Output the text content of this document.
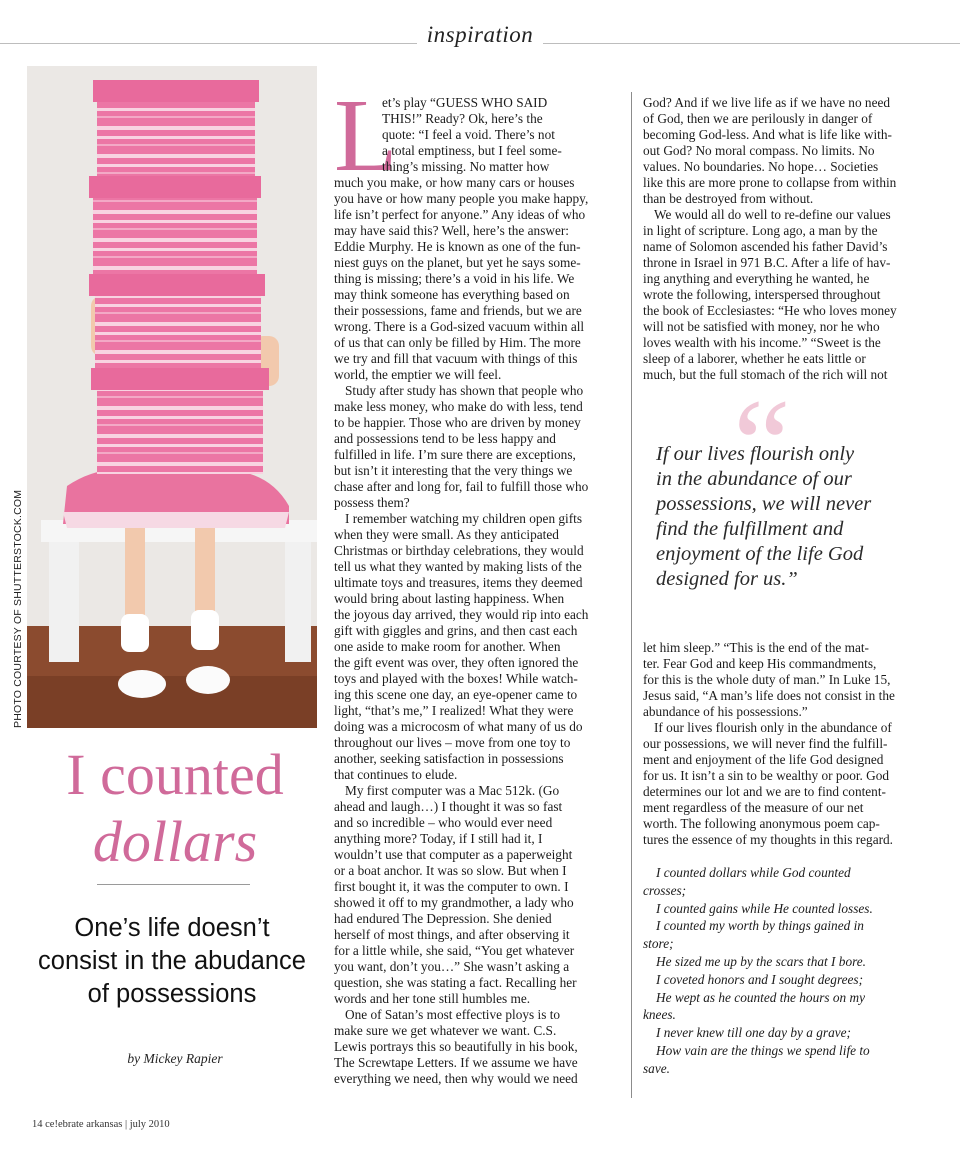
inspiration
PHOTO COURTESY OF SHUTTERSTOCK.COM
I counted
dollars
One’s life doesn’t
consist in the abudance
of possessions
by Mickey Rapier
14 ce!ebrate arkansas | july 2010
L
et’s play “GUESS WHO SAID
THIS!” Ready? Ok, here’s the
quote: “I feel a void. There’s not
a total emptiness, but I feel some-
thing’s missing. No matter how
much you make, or how many cars or houses
you have or how many people you make happy,
life isn’t perfect for anyone.” Any ideas of who
may have said this? Well, here’s the answer:
Eddie Murphy. He is known as one of the fun-
niest guys on the planet, but yet he says some-
thing is missing; there’s a void in his life. We
may think someone has everything based on
their possessions, fame and friends, but we are
wrong. There is a God-sized vacuum within all
of us that can only be filled by Him. The more
we try and fill that vacuum with things of this
world, the emptier we will feel.
Study after study has shown that people who
make less money, who make do with less, tend
to be happier. Those who are driven by money
and possessions tend to be less happy and
fulfilled in life. I’m sure there are exceptions,
but isn’t it interesting that the very things we
chase after and long for, fail to fulfill those who
possess them?
I remember watching my children open gifts
when they were small. As they anticipated
Christmas or birthday celebrations, they would
tell us what they wanted by making lists of the
ultimate toys and treasures, items they deemed
would bring about lasting happiness. When
the joyous day arrived, they would rip into each
gift with giggles and grins, and then cast each
one aside to make room for another. When
the gift event was over, they often ignored the
toys and played with the boxes! While watch-
ing this scene one day, an eye-opener came to
light, “that’s me,” I realized! What they were
doing was a microcosm of what many of us do
throughout our lives – move from one toy to
another, seeking satisfaction in possessions
that continues to elude.
My first computer was a Mac 512k. (Go
ahead and laugh…) I thought it was so fast
and so incredible – who would ever need
anything more? Today, if I still had it, I
wouldn’t use that computer as a paperweight
or a boat anchor. It was so slow. But when I
first bought it, it was the computer to own. I
showed it off to my grandmother, a lady who
had endured The Depression. She denied
herself of most things, and after observing it
for a little while, she said, “You get whatever
you want, don’t you…” She wasn’t asking a
question, she was stating a fact. Recalling her
words and her tone still humbles me.
One of Satan’s most effective ploys is to
make sure we get whatever we want. C.S.
Lewis portrays this so beautifully in his book,
The Screwtape Letters. If we assume we have
everything we need, then why would we need
God? And if we live life as if we have no need
of God, then we are perilously in danger of
becoming God-less. And what is life like with-
out God? No moral compass. No limits. No
values. No boundaries. No hope… Societies
like this are more prone to collapse from within
than be destroyed from without.
We would all do well to re-define our values
in light of scripture. Long ago, a man by the
name of Solomon ascended his father David’s
throne in Israel in 971 B.C. After a life of hav-
ing anything and everything he wanted, he
wrote the following, interspersed throughout
the book of Ecclesiastes: “He who loves money
will not be satisfied with money, nor he who
loves wealth with his income.” “Sweet is the
sleep of a laborer, whether he eats little or
much, but the full stomach of the rich will not
“
If our lives flourish only
in the abundance of our
possessions, we will never
find the fulfillment and
enjoyment of the life God
designed for us.”
let him sleep.” “This is the end of the mat-
ter. Fear God and keep His commandments,
for this is the whole duty of man.” In Luke 15,
Jesus said, “A man’s life does not consist in the
abundance of his possessions.”
If our lives flourish only in the abundance of
our possessions, we will never find the fulfill-
ment and enjoyment of the life God designed
for us. It isn’t a sin to be wealthy or poor. God
determines our lot and we are to find content-
ment regardless of the measure of our net
worth. The following anonymous poem cap-
tures the essence of my thoughts in this regard.
I counted dollars while God counted
crosses;
I counted gains while He counted losses.
I counted my worth by things gained in
store;
He sized me up by the scars that I bore.
I coveted honors and I sought degrees;
He wept as he counted the hours on my
knees.
I never knew till one day by a grave;
How vain are the things we spend life to
save.
